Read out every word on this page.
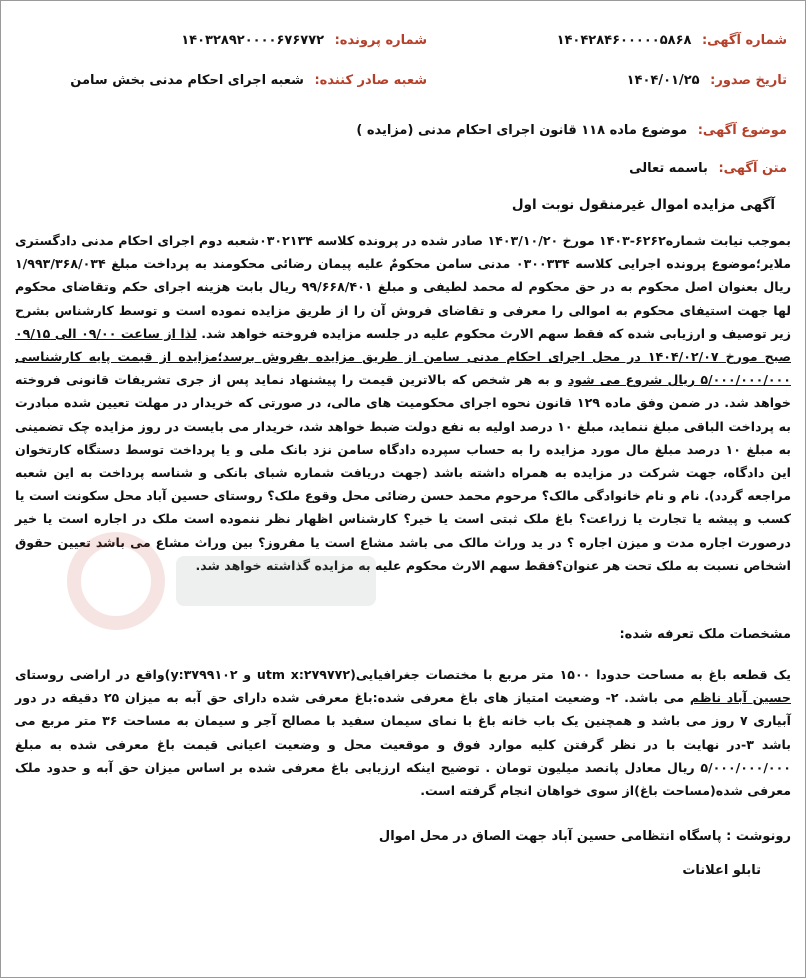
شماره آگهی: ۱۴۰۴۲۸۴۶۰۰۰۰۰۵۸۶۸
شماره پرونده: ۱۴۰۳۲۸۹۲۰۰۰۰۶۷۶۷۷۲
تاریخ صدور: ۱۴۰۴/۰۱/۲۵
شعبه صادر کننده: شعبه اجرای احکام مدنی بخش سامن
موضوع آگهی: موضوع ماده ۱۱۸ قانون اجرای احکام مدنی (مزایده )
متن آگهی: باسمه تعالی
آگهی مزایده اموال غیرمنقول نوبت اول

بموجب نیابت شماره۶۲۶۲-۱۴۰۳ مورخ ۱۴۰۳/۱۰/۲۰ صادر شده در پرونده کلاسه ۰۳۰۲۱۳۴شعبه دوم اجرای احکام مدنی دادگستری ملایر؛موضوع پرونده اجرایی کلاسه ۰۳۰۰۳۳۴ مدنی سامن محکومٌ علیه پیمان رضائی محکومند به پرداخت مبلغ ۱/۹۹۳/۳۶۸/۰۳۴ ریال بعنوان اصل محکوم به در حق محکوم له محمد لطیفی و مبلغ ۹۹/۶۶۸/۴۰۱ ریال بابت هزینه اجرای حکم وتقاضای محکوم لها جهت استیفای محکوم به اموالی را معرفی و تقاضای فروش آن را از طریق مزایده نموده است و توسط کارشناس بشرح زیر توصیف و ارزیابی شده که فقط سهم الارث محکوم علیه در جلسه مزایده فروخته خواهد شد. لذا از ساعت ۰۹/۰۰ الی ۰۹/۱۵ صبح مورخ ۱۴۰۴/۰۲/۰۷ در محل اجرای احکام مدنی سامن از طریق مزایده بفروش برسد؛مزایده از قیمت پایه کارشناسی ۵/۰۰۰/۰۰۰/۰۰۰ ریال شروع می شود و به هر شخص که بالاترین قیمت را پیشنهاد نماید پس از جری تشریفات قانونی فروخته خواهد شد. در ضمن وفق ماده ۱۲۹ قانون نحوه اجرای محکومیت های مالی، در صورتی که خریدار در مهلت تعیین شده مبادرت به پرداخت الباقی مبلغ ننماید، مبلغ ۱۰ درصد اولیه به نفع دولت ضبط خواهد شد، خریدار می بایست در روز مزایده چک تضمینی به مبلغ ۱۰ درصد مبلغ مال مورد مزایده را به حساب سپرده دادگاه سامن نزد بانک ملی و یا پرداخت توسط دستگاه کارتخوان این دادگاه، جهت شرکت در مزایده به همراه داشته باشد (جهت دریافت شماره شبای بانکی و شناسه پرداخت به این شعبه مراجعه گردد). نام و نام خانوادگی مالک؟ مرحوم محمد حسن رضائی محل وقوع ملک؟ روستای حسین آباد محل سکونت است یا کسب و پیشه یا تجارت یا زراعت؟ باغ ملک ثبتی است یا خیر؟ کارشناس اظهار نظر ننموده است ملک در اجاره است یا خیر درصورت اجاره مدت و میزن اجاره ؟ در ید وراث مالک می باشد مشاع است یا مفروز؟ بین وراث مشاع می باشد تعیین حقوق اشخاص نسبت به ملک تحت هر عنوان؟فقط سهم الارث محکوم علیه به مزایده گذاشته خواهد شد.

مشخصات ملک تعرفه شده:

یک قطعه باغ به مساحت حدودا ۱۵۰۰ متر مربع با مختصات جغرافیایی(utm x:۲۷۹۷۷۲ و y:۳۷۹۹۱۰۲)واقع در اراضی روستای حسین آباد ناظم می باشد. ۲- وضعیت امتیاز های باغ معرفی شده:باغ معرفی شده دارای حق آبه به میزان ۲۵ دقیقه در دور آبیاری ۷ روز می باشد و همچنین یک باب خانه باغ با نمای سیمان سفید با مصالح آجر و سیمان به مساحت ۳۶ متر مربع می باشد ۳-در نهایت با در نظر گرفتن کلیه موارد فوق و موقعیت محل و وضعیت اعیانی قیمت باغ معرفی شده به مبلغ ۵/۰۰۰/۰۰۰/۰۰۰ ریال معادل پانصد میلیون تومان . توضیح اینکه ارزیابی باغ معرفی شده بر اساس میزان حق آبه و حدود ملک معرفی شده(مساحت باغ)از سوی خواهان انجام گرفته است.

رونوشت : پاسگاه انتظامی حسین آباد جهت الصاق در محل اموال
تابلو اعلانات
